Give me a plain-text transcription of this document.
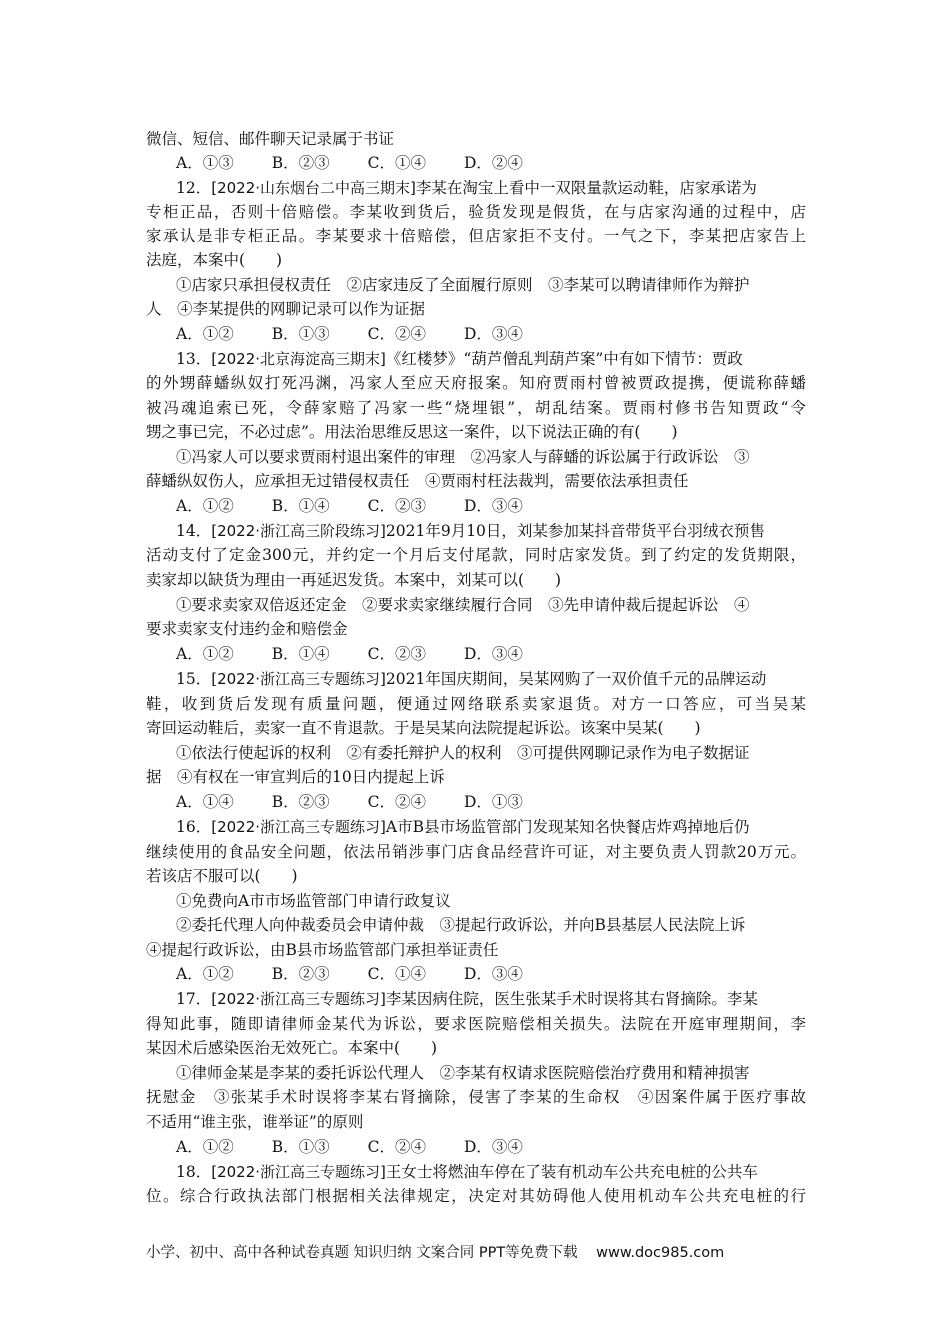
微信、短信、邮件聊天记录属于书证
A．①③ B．②③ C．①④ D．②④
12．[2022·山东烟台二中高三期末]李某在淘宝上看中一双限量款运动鞋，店家承诺为
专柜正品，否则十倍赔偿。李某收到货后，验货发现是假货，在与店家沟通的过程中，店
家承认是非专柜正品。李某要求十倍赔偿，但店家拒不支付。一气之下，李某把店家告上
法庭，本案中(　　)
①店家只承担侵权责任　②店家违反了全面履行原则　③李某可以聘请律师作为辩护
人　④李某提供的网聊记录可以作为证据
A．①② B．①③ C．②④ D．③④
13．[2022·北京海淀高三期末]《红楼梦》“葫芦僧乱判葫芦案”中有如下情节：贾政
的外甥薛蟠纵奴打死冯渊，冯家人至应天府报案。知府贾雨村曾被贾政提携，便谎称薛蟠
被冯魂追索已死，令薛家赔了冯家一些“烧埋银”，胡乱结案。贾雨村修书告知贾政“令
甥之事已完，不必过虑”。用法治思维反思这一案件，以下说法正确的有(　　)
①冯家人可以要求贾雨村退出案件的审理　②冯家人与薛蟠的诉讼属于行政诉讼　③
薛蟠纵奴伤人，应承担无过错侵权责任　④贾雨村枉法裁判，需要依法承担责任
A．①② B．①④ C．②③ D．③④
14．[2022·浙江高三阶段练习]2021年9月10日，刘某参加某抖音带货平台羽绒衣预售
活动支付了定金300元，并约定一个月后支付尾款，同时店家发货。到了约定的发货期限，
卖家却以缺货为理由一再延迟发货。本案中，刘某可以(　　)
①要求卖家双倍返还定金　②要求卖家继续履行合同　③先申请仲裁后提起诉讼　④
要求卖家支付违约金和赔偿金
A．①② B．①④ C．②③ D．③④
15．[2022·浙江高三专题练习]2021年国庆期间，吴某网购了一双价值千元的品牌运动
鞋，收到货后发现有质量问题，便通过网络联系卖家退货。对方一口答应，可当吴某
寄回运动鞋后，卖家一直不肯退款。于是吴某向法院提起诉讼。该案中吴某(　　)
①依法行使起诉的权利　②有委托辩护人的权利　③可提供网聊记录作为电子数据证
据　④有权在一审宣判后的10日内提起上诉
A．①④ B．②③ C．②④ D．①③
16．[2022·浙江高三专题练习]A市B县市场监管部门发现某知名快餐店炸鸡掉地后仍
继续使用的食品安全问题，依法吊销涉事门店食品经营许可证，对主要负责人罚款20万元。
若该店不服可以(　　)
①免费向A市市场监管部门申请行政复议
②委托代理人向仲裁委员会申请仲裁　③提起行政诉讼，并向B县基层人民法院上诉
④提起行政诉讼，由B县市场监管部门承担举证责任
A．①② B．②③ C．①④ D．③④
17．[2022·浙江高三专题练习]李某因病住院，医生张某手术时误将其右肾摘除。李某
得知此事，随即请律师金某代为诉讼，要求医院赔偿相关损失。法院在开庭审理期间，李
某因术后感染医治无效死亡。本案中(　　)
①律师金某是李某的委托诉讼代理人　②李某有权请求医院赔偿治疗费用和精神损害
抚慰金　③张某手术时误将李某右肾摘除，侵害了李某的生命权　④因案件属于医疗事故
不适用“谁主张，谁举证”的原则
A．①② B．①③ C．②④ D．③④
18．[2022·浙江高三专题练习]王女士将燃油车停在了装有机动车公共充电桩的公共车
位。综合行政执法部门根据相关法律规定，决定对其妨碍他人使用机动车公共充电桩的行
小学、初中、高中各种试卷真题 知识归纳 文案合同 PPT等免费下载 www.doc985.com
